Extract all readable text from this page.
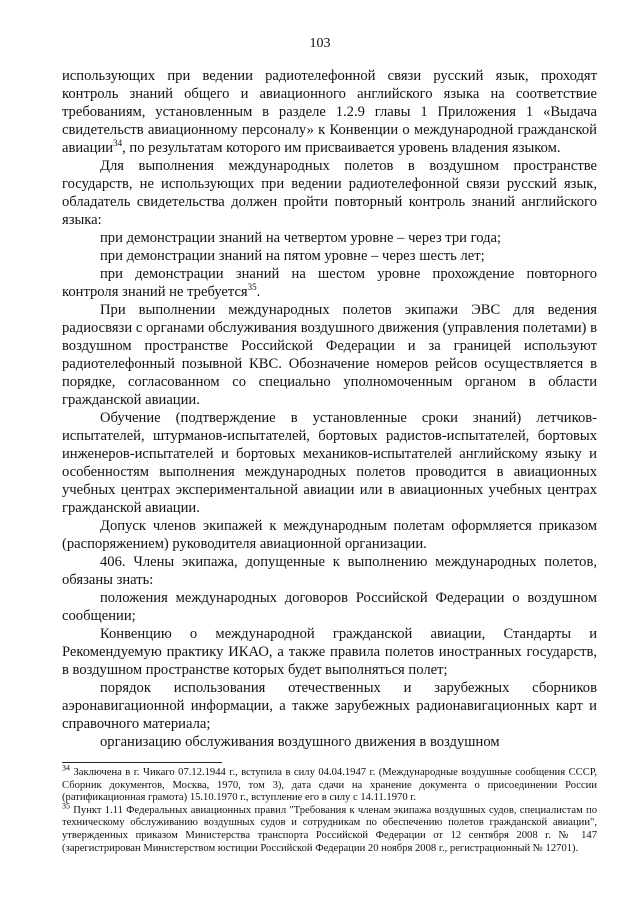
103

использующих при ведении радиотелефонной связи русский язык, проходят контроль знаний общего и авиационного английского языка на соответствие требованиям, установленным в разделе 1.2.9 главы 1 Приложения 1 «Выдача свидетельств авиационному персоналу» к Конвенции о международной гражданской авиации$^{34}$, по результатам которого им присваивается уровень владения языком.

Для выполнения международных полетов в воздушном пространстве государств, не использующих при ведении радиотелефонной связи русский язык, обладатель свидетельства должен пройти повторный контроль знаний английского языка:

при демонстрации знаний на четвертом уровне – через три года;

при демонстрации знаний на пятом уровне – через шесть лет;

при демонстрации знаний на шестом уровне прохождение повторного контроля знаний не требуется$^{35}$.

При выполнении международных полетов экипажи ЭВС для ведения радиосвязи с органами обслуживания воздушного движения (управления полетами) в воздушном пространстве Российской Федерации и за границей используют радиотелефонный позывной КВС. Обозначение номеров рейсов осуществляется в порядке, согласованном со специально уполномоченным органом в области гражданской авиации.

Обучение (подтверждение в установленные сроки знаний) летчиков-испытателей, штурманов-испытателей, бортовых радистов-испытателей, бортовых инженеров-испытателей и бортовых механиков-испытателей английскому языку и особенностям выполнения международных полетов проводится в авиационных учебных центрах экспериментальной авиации или в авиационных учебных центрах гражданской авиации.

Допуск членов экипажей к международным полетам оформляется приказом (распоряжением) руководителя авиационной организации.

406. Члены экипажа, допущенные к выполнению международных полетов, обязаны знать:

положения международных договоров Российской Федерации о воздушном сообщении;

Конвенцию о международной гражданской авиации, Стандарты и Рекомендуемую практику ИКАО, а также правила полетов иностранных государств, в воздушном пространстве которых будет выполняться полет;

порядок использования отечественных и зарубежных сборников аэронавигационной информации, а также зарубежных радионавигационных карт и справочного материала;

организацию обслуживания воздушного движения в воздушном

$^{34}$ Заключена в г. Чикаго 07.12.1944 г., вступила в силу 04.04.1947 г. (Международные воздушные сообщения СССР, Сборник документов, Москва, 1970, том 3), дата сдачи на хранение документа о присоединении России (ратификационная грамота) 15.10.1970 г., вступление его в силу с 14.11.1970 г.

$^{35}$ Пункт 1.11 Федеральных авиационных правил "Требования к членам экипажа воздушных судов, специалистам по техническому обслуживанию воздушных судов и сотрудникам по обеспечению полетов гражданской авиации", утвержденных приказом Министерства транспорта Российской Федерации от 12 сентября 2008 г. № 147 (зарегистрирован Министерством юстиции Российской Федерации 20 ноября 2008 г., регистрационный № 12701).
